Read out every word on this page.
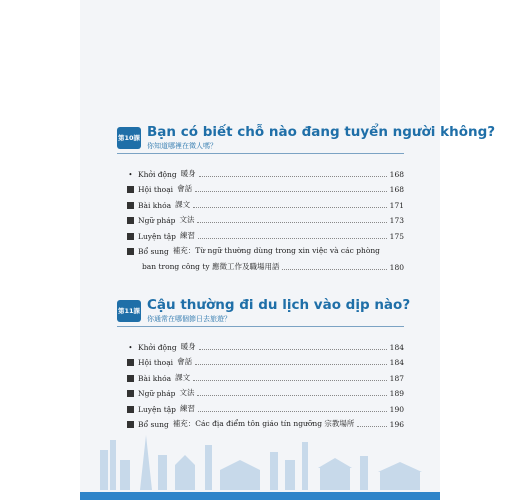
第10課 Bạn có biết chỗ nào đang tuyển người không?
你知道哪裡在徵人嗎？
• Khởi động 暖身	168
Hội thoại 會話	168
Bài khóa 課文	171
Ngữ pháp 文法	173
Luyện tập 練習	175
Bổ sung 補充：Từ ngữ thường dùng trong xin việc và các phòng
ban trong công ty 應徵工作及職場用語	180
第11課 Cậu thường đi du lịch vào dịp nào?
你通常在哪個節日去旅遊？
• Khởi động 暖身	184
Hội thoại 會話	184
Bài khóa 課文	187
Ngữ pháp 文法	189
Luyện tập 練習	190
Bổ sung 補充：Các địa điểm tôn giáo tín ngưỡng 宗教場所	196
